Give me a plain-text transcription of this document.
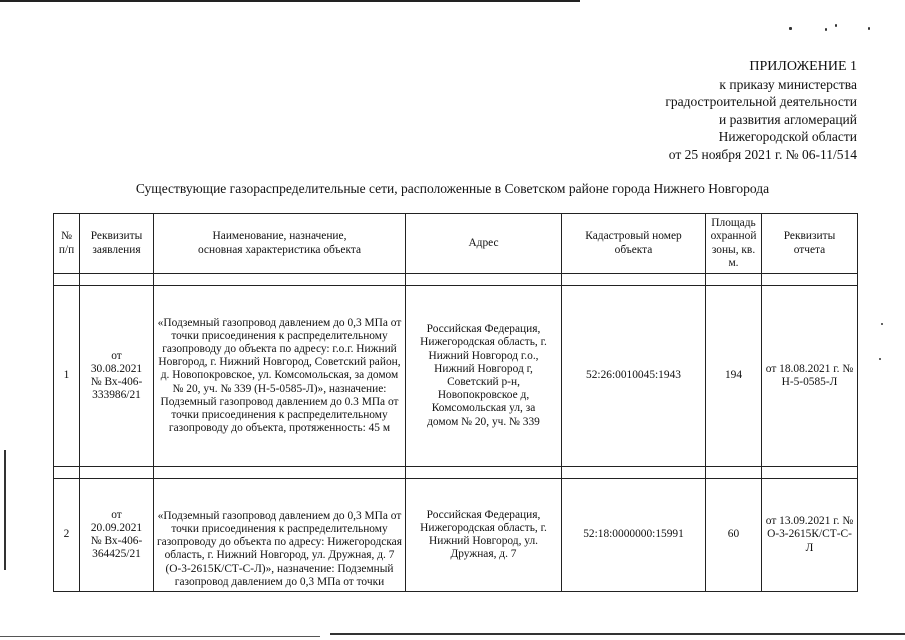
ПРИЛОЖЕНИЕ 1
к приказу министерства
градостроительной деятельности
и развития агломераций
Нижегородской области
от 25 ноября 2021 г. № 06-11/514
Существующие газораспределительные сети, расположенные в Советском районе города Нижнего Новгорода
№ п/п	Реквизиты заявления	Наименование, назначение, основная характеристика объекта	Адрес	Кадастровый номер объекта	Площадь охранной зоны, кв. м.	Реквизиты отчета

1	от 30.08.2021 № Вх-406-333986/21	«Подземный газопровод давлением до 0,3 МПа от точки присоединения к распределительному газопроводу до объекта по адресу: г.о.г. Нижний Новгород, г. Нижний Новгород, Советский район, д. Новопокровское, ул. Комсомольская, за домом № 20, уч. № 339 (Н-5-0585-Л)», назначение: Подземный газопровод давлением до 0.3 МПа от точки присоединения к распределительному газопроводу до объекта, протяженность: 45 м	Российская Федерация, Нижегородская область, г. Нижний Новгород г.о., Нижний Новгород г, Советский р-н, Новопокровское д, Комсомольская ул, за домом № 20, уч. № 339	52:26:0010045:1943	194	от 18.08.2021 г. № Н-5-0585-Л

2	от 20.09.2021 № Вх-406-364425/21	«Подземный газопровод давлением до 0,3 МПа от точки присоединения к распределительному газопроводу до объекта по адресу: Нижегородская область, г. Нижний Новгород, ул. Дружная, д. 7 (О-3-2615К/СТ-С-Л)», назначение: Подземный газопровод давлением до 0,3 МПа от точки	Российская Федерация, Нижегородская область, г. Нижний Новгород, ул. Дружная, д. 7	52:18:0000000:15991	60	от 13.09.2021 г. № О-3-2615К/СТ-С-Л
